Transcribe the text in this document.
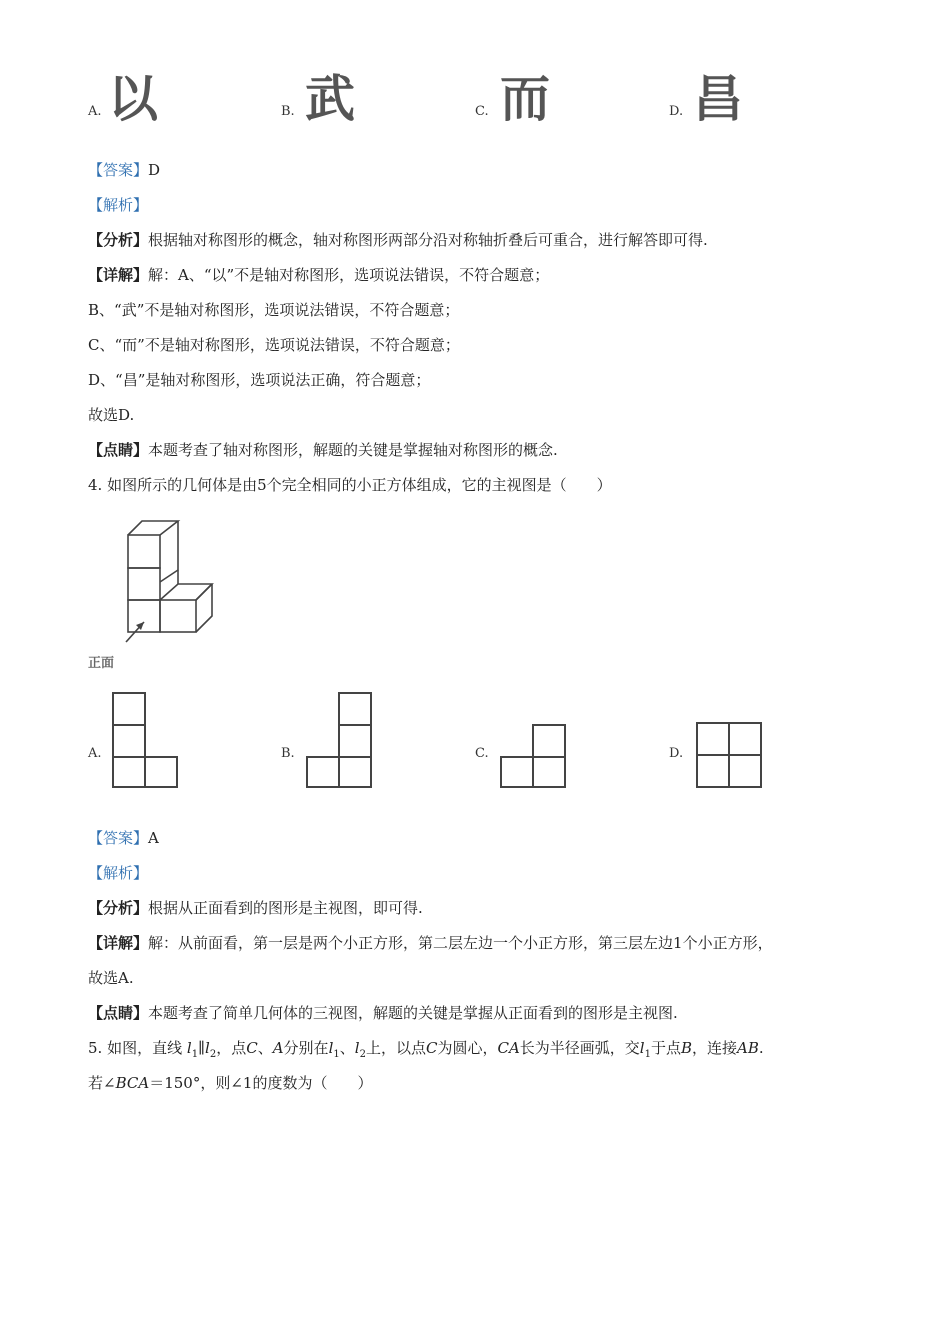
A. 以	B. 武	C. 而	D. 昌
【答案】D
【解析】
【分析】根据轴对称图形的概念，轴对称图形两部分沿对称轴折叠后可重合，进行解答即可得.
【详解】解：A、“以”不是轴对称图形，选项说法错误，不符合题意；
B、“武”不是轴对称图形，选项说法错误，不符合题意；
C、“而”不是轴对称图形，选项说法错误，不符合题意；
D、“昌”是轴对称图形，选项说法正确，符合题意；
故选D.
【点睛】本题考查了轴对称图形，解题的关键是掌握轴对称图形的概念.
4. 如图所示的几何体是由5个完全相同的小正方体组成，它的主视图是（　　）
正面
A.	B.	C.	D.
【答案】A
【解析】
【分析】根据从正面看到的图形是主视图，即可得.
【详解】解：从前面看，第一层是两个小正方形，第二层左边一个小正方形，第三层左边1个小正方形，
故选A.
【点睛】本题考查了简单几何体的三视图，解题的关键是掌握从正面看到的图形是主视图.
5. 如图，直线 $l_1\parallel l_2$，点C、A分别在$l_1$、$l_2$上，以点C为圆心，CA长为半径画弧，交$l_1$于点B，连接AB.
若∠BCA＝150°，则∠1的度数为（　　）
